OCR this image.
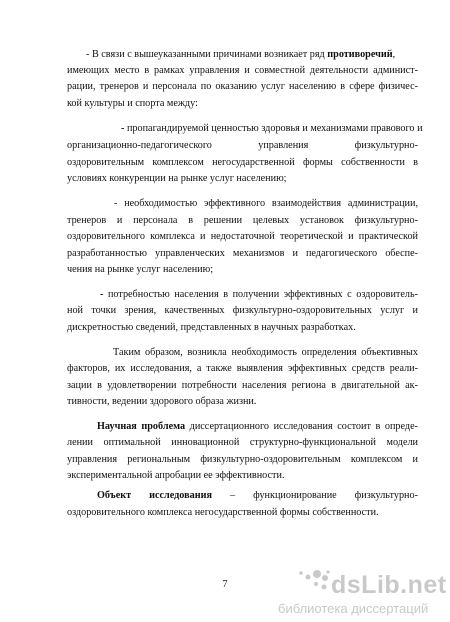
- В связи с вышеуказанными причинами возникает ряд противоречий,
имеющих место в рамках управления и совместной деятельности админист-
рации, тренеров и персонала по оказанию услуг населению в сфере физичес-
кой культуры и спорта между:
- пропагандируемой ценностью здоровья и механизмами правового и
организационно-педагогического управления физкультурно-
оздоровительным комплексом негосударственной формы собственности в
условиях конкуренции на рынке услуг населению;
- необходимостью эффективного взаимодействия администрации,
тренеров и персонала в решении целевых установок физкультурно-
оздоровительного комплекса и недостаточной теоретической и практической
разработанностью управленческих механизмов и педагогического обеспе-
чения на рынке услуг населению;
- потребностью населения в получении эффективных с оздоровитель-
ной точки зрения, качественных физкультурно-оздоровительных услуг и
дискретностью сведений, представленных в научных разработках.
Таким образом, возникла необходимость определения объективных
факторов, их исследования, а также выявления эффективных средств реали-
зации в удовлетворении потребности населения региона в двигательной ак-
тивности, ведении здорового образа жизни.
Научная проблема диссертационного исследования состоит в опреде-
лении оптимальной инновационной структурно-функциональной модели
управления региональным физкультурно-оздоровительным комплексом и
экспериментальной апробации ее эффективности.
Объект исследования – функционирование физкультурно-
оздоровительного комплекса негосударственной формы собственности.
7	dsLib.net
библиотека диссертаций
